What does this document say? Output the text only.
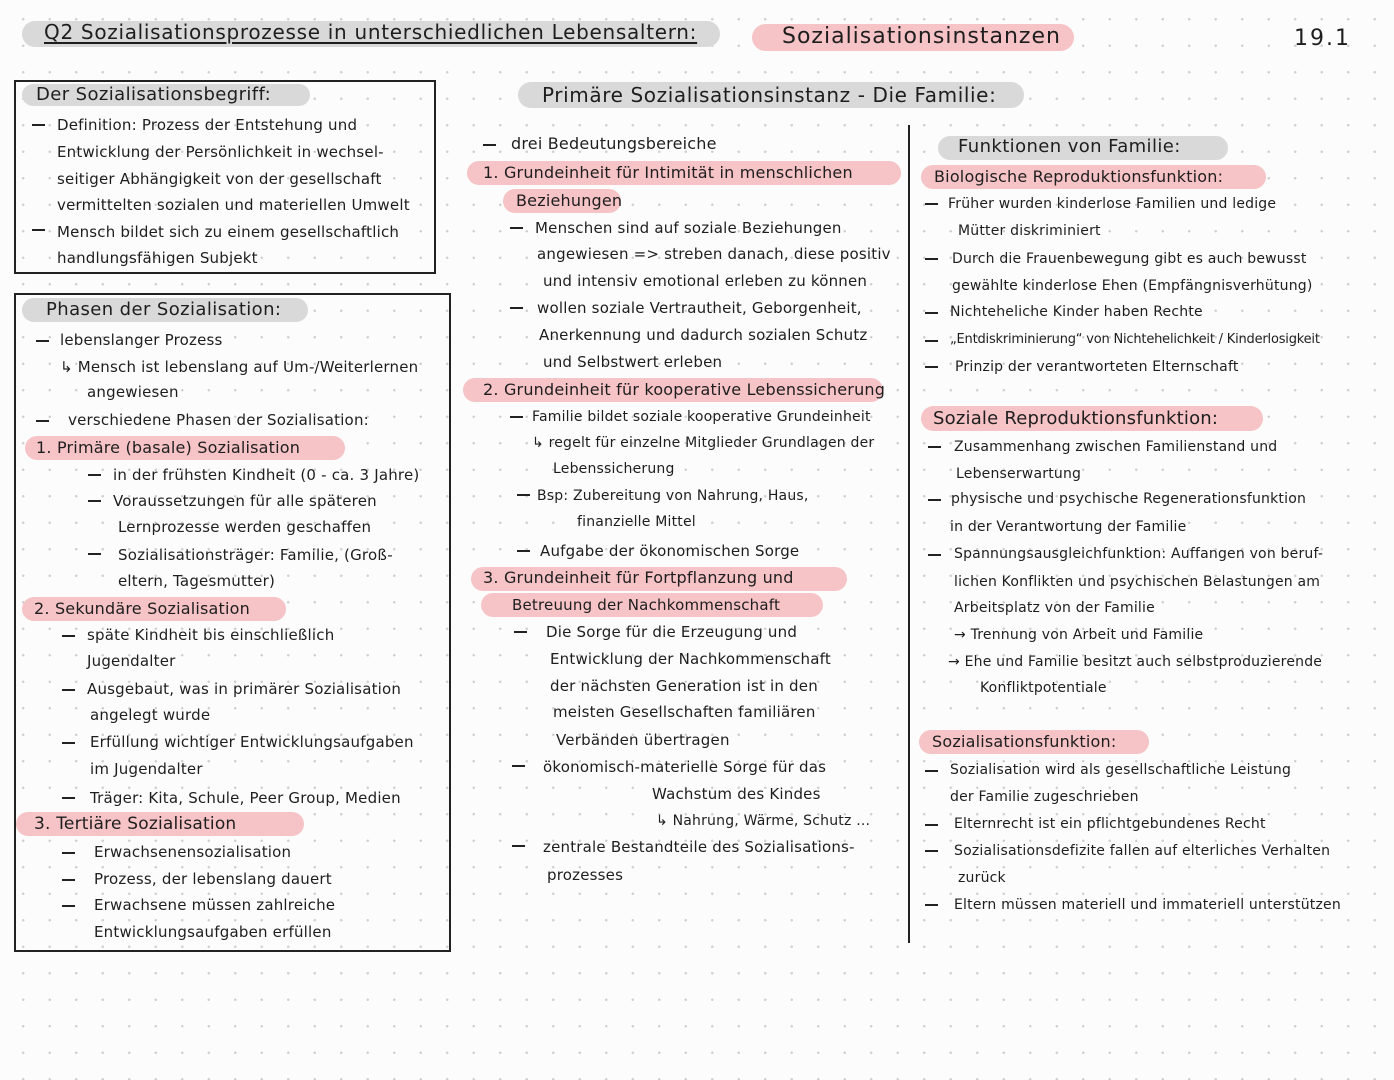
Q2 Sozialisationsprozesse in unterschiedlichen Lebensaltern:	Sozialisationsinstanzen	19.1
Der Sozialisationsbegriff:
Definition: Prozess der Entstehung und
Entwicklung der Persönlichkeit in wechsel-
seitiger Abhängigkeit von der gesellschaft
vermittelten sozialen und materiellen Umwelt
Mensch bildet sich zu einem gesellschaftlich
handlungsfähigen Subjekt
Phasen der Sozialisation:
lebenslanger Prozess
↳ Mensch ist lebenslang auf Um-/Weiterlernen
angewiesen
verschiedene Phasen der Sozialisation:
1. Primäre (basale) Sozialisation
in der frühsten Kindheit (0 - ca. 3 Jahre)
Voraussetzungen für alle späteren
Lernprozesse werden geschaffen
Sozialisationsträger: Familie, (Groß-
eltern, Tagesmutter)
2. Sekundäre Sozialisation
späte Kindheit bis einschließlich
Jugendalter
Ausgebaut, was in primärer Sozialisation
angelegt wurde
Erfüllung wichtiger Entwicklungsaufgaben
im Jugendalter
Träger: Kita, Schule, Peer Group, Medien
3. Tertiäre Sozialisation
Erwachsenensozialisation
Prozess, der lebenslang dauert
Erwachsene müssen zahlreiche
Entwicklungsaufgaben erfüllen
Primäre Sozialisationsinstanz - Die Familie:
drei Bedeutungsbereiche
1. Grundeinheit für Intimität in menschlichen
Beziehungen
Menschen sind auf soziale Beziehungen
angewiesen => streben danach, diese positiv
und intensiv emotional erleben zu können
wollen soziale Vertrautheit, Geborgenheit,
Anerkennung und dadurch sozialen Schutz
und Selbstwert erleben
2. Grundeinheit für kooperative Lebenssicherung
Familie bildet soziale kooperative Grundeinheit
↳ regelt für einzelne Mitglieder Grundlagen der
Lebenssicherung
Bsp: Zubereitung von Nahrung, Haus,
finanzielle Mittel
Aufgabe der ökonomischen Sorge
3. Grundeinheit für Fortpflanzung und
Betreuung der Nachkommenschaft
Die Sorge für die Erzeugung und
Entwicklung der Nachkommenschaft
der nächsten Generation ist in den
meisten Gesellschaften familiären
Verbänden übertragen
ökonomisch-materielle Sorge für das
Wachstum des Kindes
↳ Nahrung, Wärme, Schutz ...
zentrale Bestandteile des Sozialisations-
prozesses
Funktionen von Familie:
Biologische Reproduktionsfunktion:
Früher wurden kinderlose Familien und ledige
Mütter diskriminiert
Durch die Frauenbewegung gibt es auch bewusst
gewählte kinderlose Ehen (Empfängnisverhütung)
Nichteheliche Kinder haben Rechte
„Entdiskriminierung“ von Nichtehelichkeit / Kinderlosigkeit
Prinzip der verantworteten Elternschaft
Soziale Reproduktionsfunktion:
Zusammenhang zwischen Familienstand und
Lebenserwartung
physische und psychische Regenerationsfunktion
in der Verantwortung der Familie
Spannungsausgleichfunktion: Auffangen von beruf-
lichen Konflikten und psychischen Belastungen am
Arbeitsplatz von der Familie
→ Trennung von Arbeit und Familie
→ Ehe und Familie besitzt auch selbstproduzierende
Konfliktpotentiale
Sozialisationsfunktion:
Sozialisation wird als gesellschaftliche Leistung
der Familie zugeschrieben
Elternrecht ist ein pflichtgebundenes Recht
Sozialisationsdefizite fallen auf elterliches Verhalten
zurück
Eltern müssen materiell und immateriell unterstützen
